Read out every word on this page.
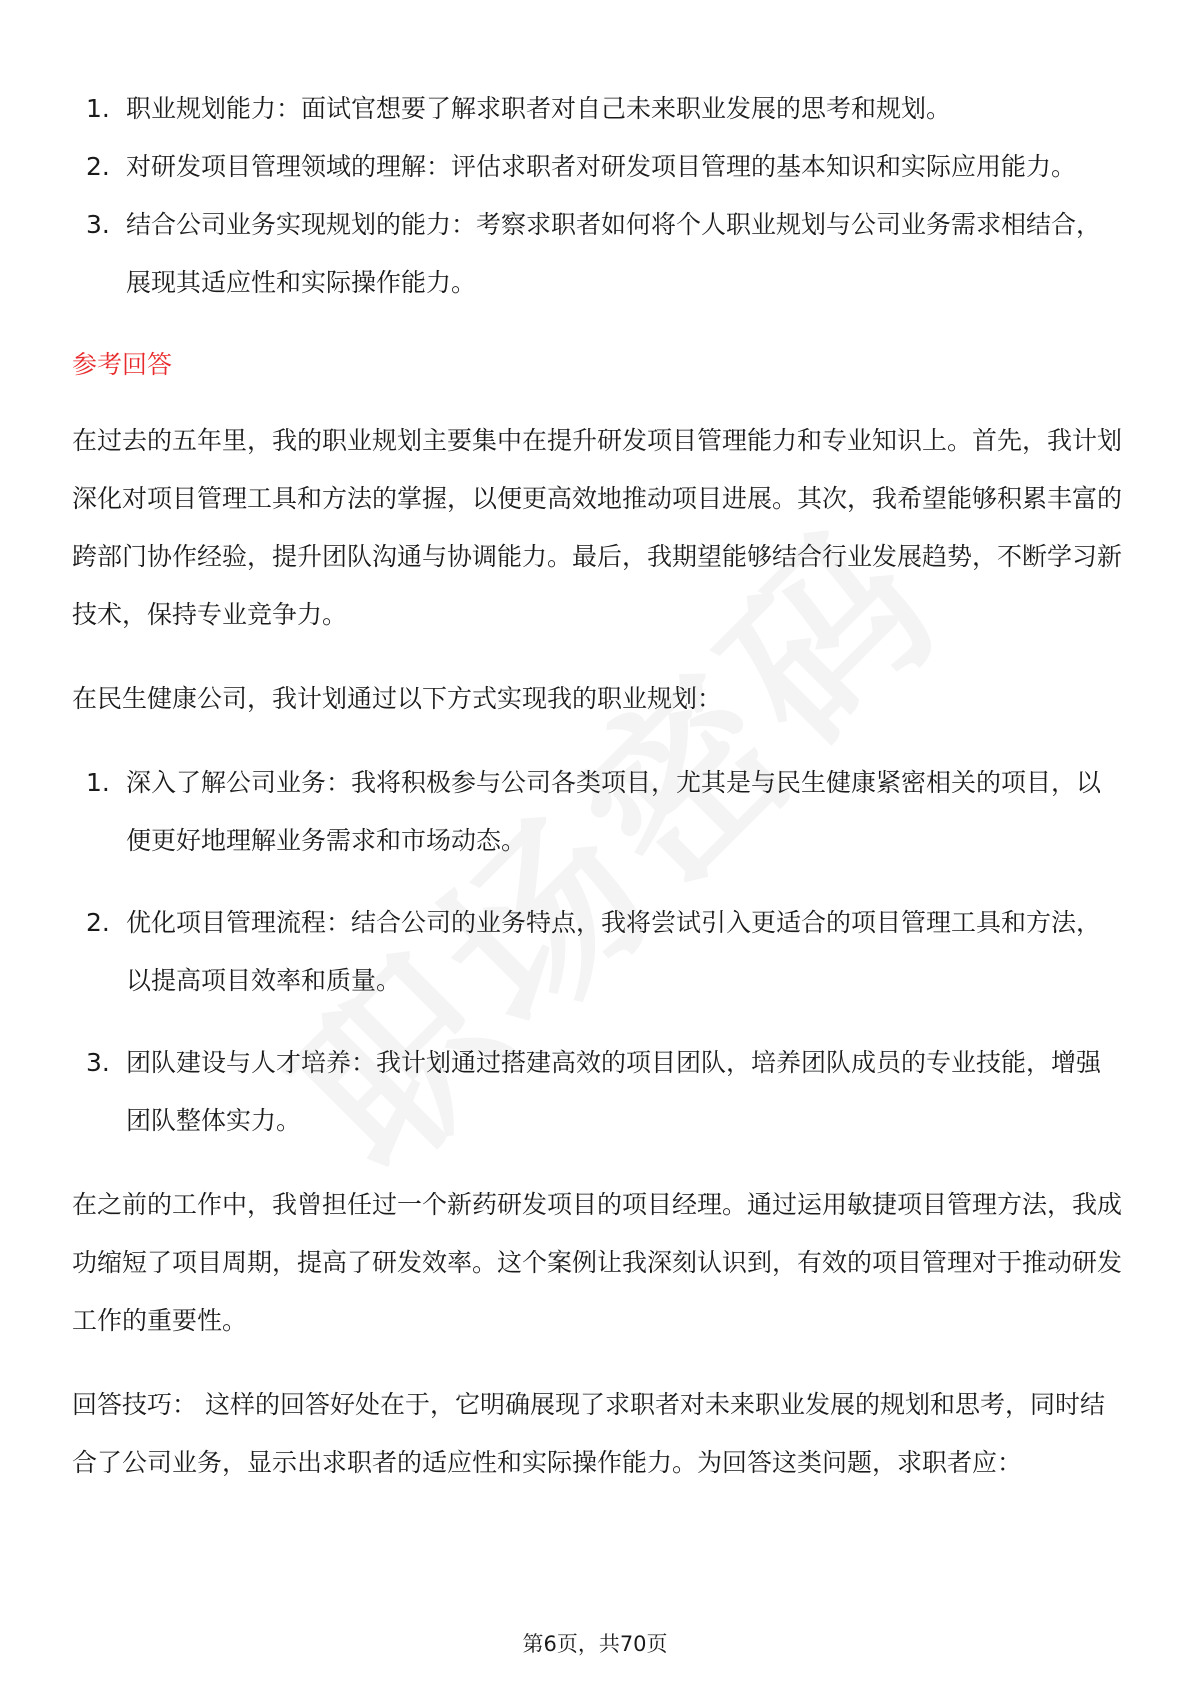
1. 职业规划能力：面试官想要了解求职者对自己未来职业发展的思考和规划。
2. 对研发项目管理领域的理解：评估求职者对研发项目管理的基本知识和实际应用能力。
3. 结合公司业务实现规划的能力：考察求职者如何将个人职业规划与公司业务需求相结合，展现其适应性和实际操作能力。
参考回答

在过去的五年里，我的职业规划主要集中在提升研发项目管理能力和专业知识上。首先，我计划深化对项目管理工具和方法的掌握，以便更高效地推动项目进展。其次，我希望能够积累丰富的跨部门协作经验，提升团队沟通与协调能力。最后，我期望能够结合行业发展趋势，不断学习新技术，保持专业竞争力。

在民生健康公司，我计划通过以下方式实现我的职业规划：

1. 深入了解公司业务：我将积极参与公司各类项目，尤其是与民生健康紧密相关的项目，以便更好地理解业务需求和市场动态。
2. 优化项目管理流程：结合公司的业务特点，我将尝试引入更适合的项目管理工具和方法，以提高项目效率和质量。
3. 团队建设与人才培养：我计划通过搭建高效的项目团队，培养团队成员的专业技能，增强团队整体实力。

在之前的工作中，我曾担任过一个新药研发项目的项目经理。通过运用敏捷项目管理方法，我成功缩短了项目周期，提高了研发效率。这个案例让我深刻认识到，有效的项目管理对于推动研发工作的重要性。

回答技巧： 这样的回答好处在于，它明确展现了求职者对未来职业发展的规划和思考，同时结合了公司业务，显示出求职者的适应性和实际操作能力。为回答这类问题，求职者应：

第6页，共70页
